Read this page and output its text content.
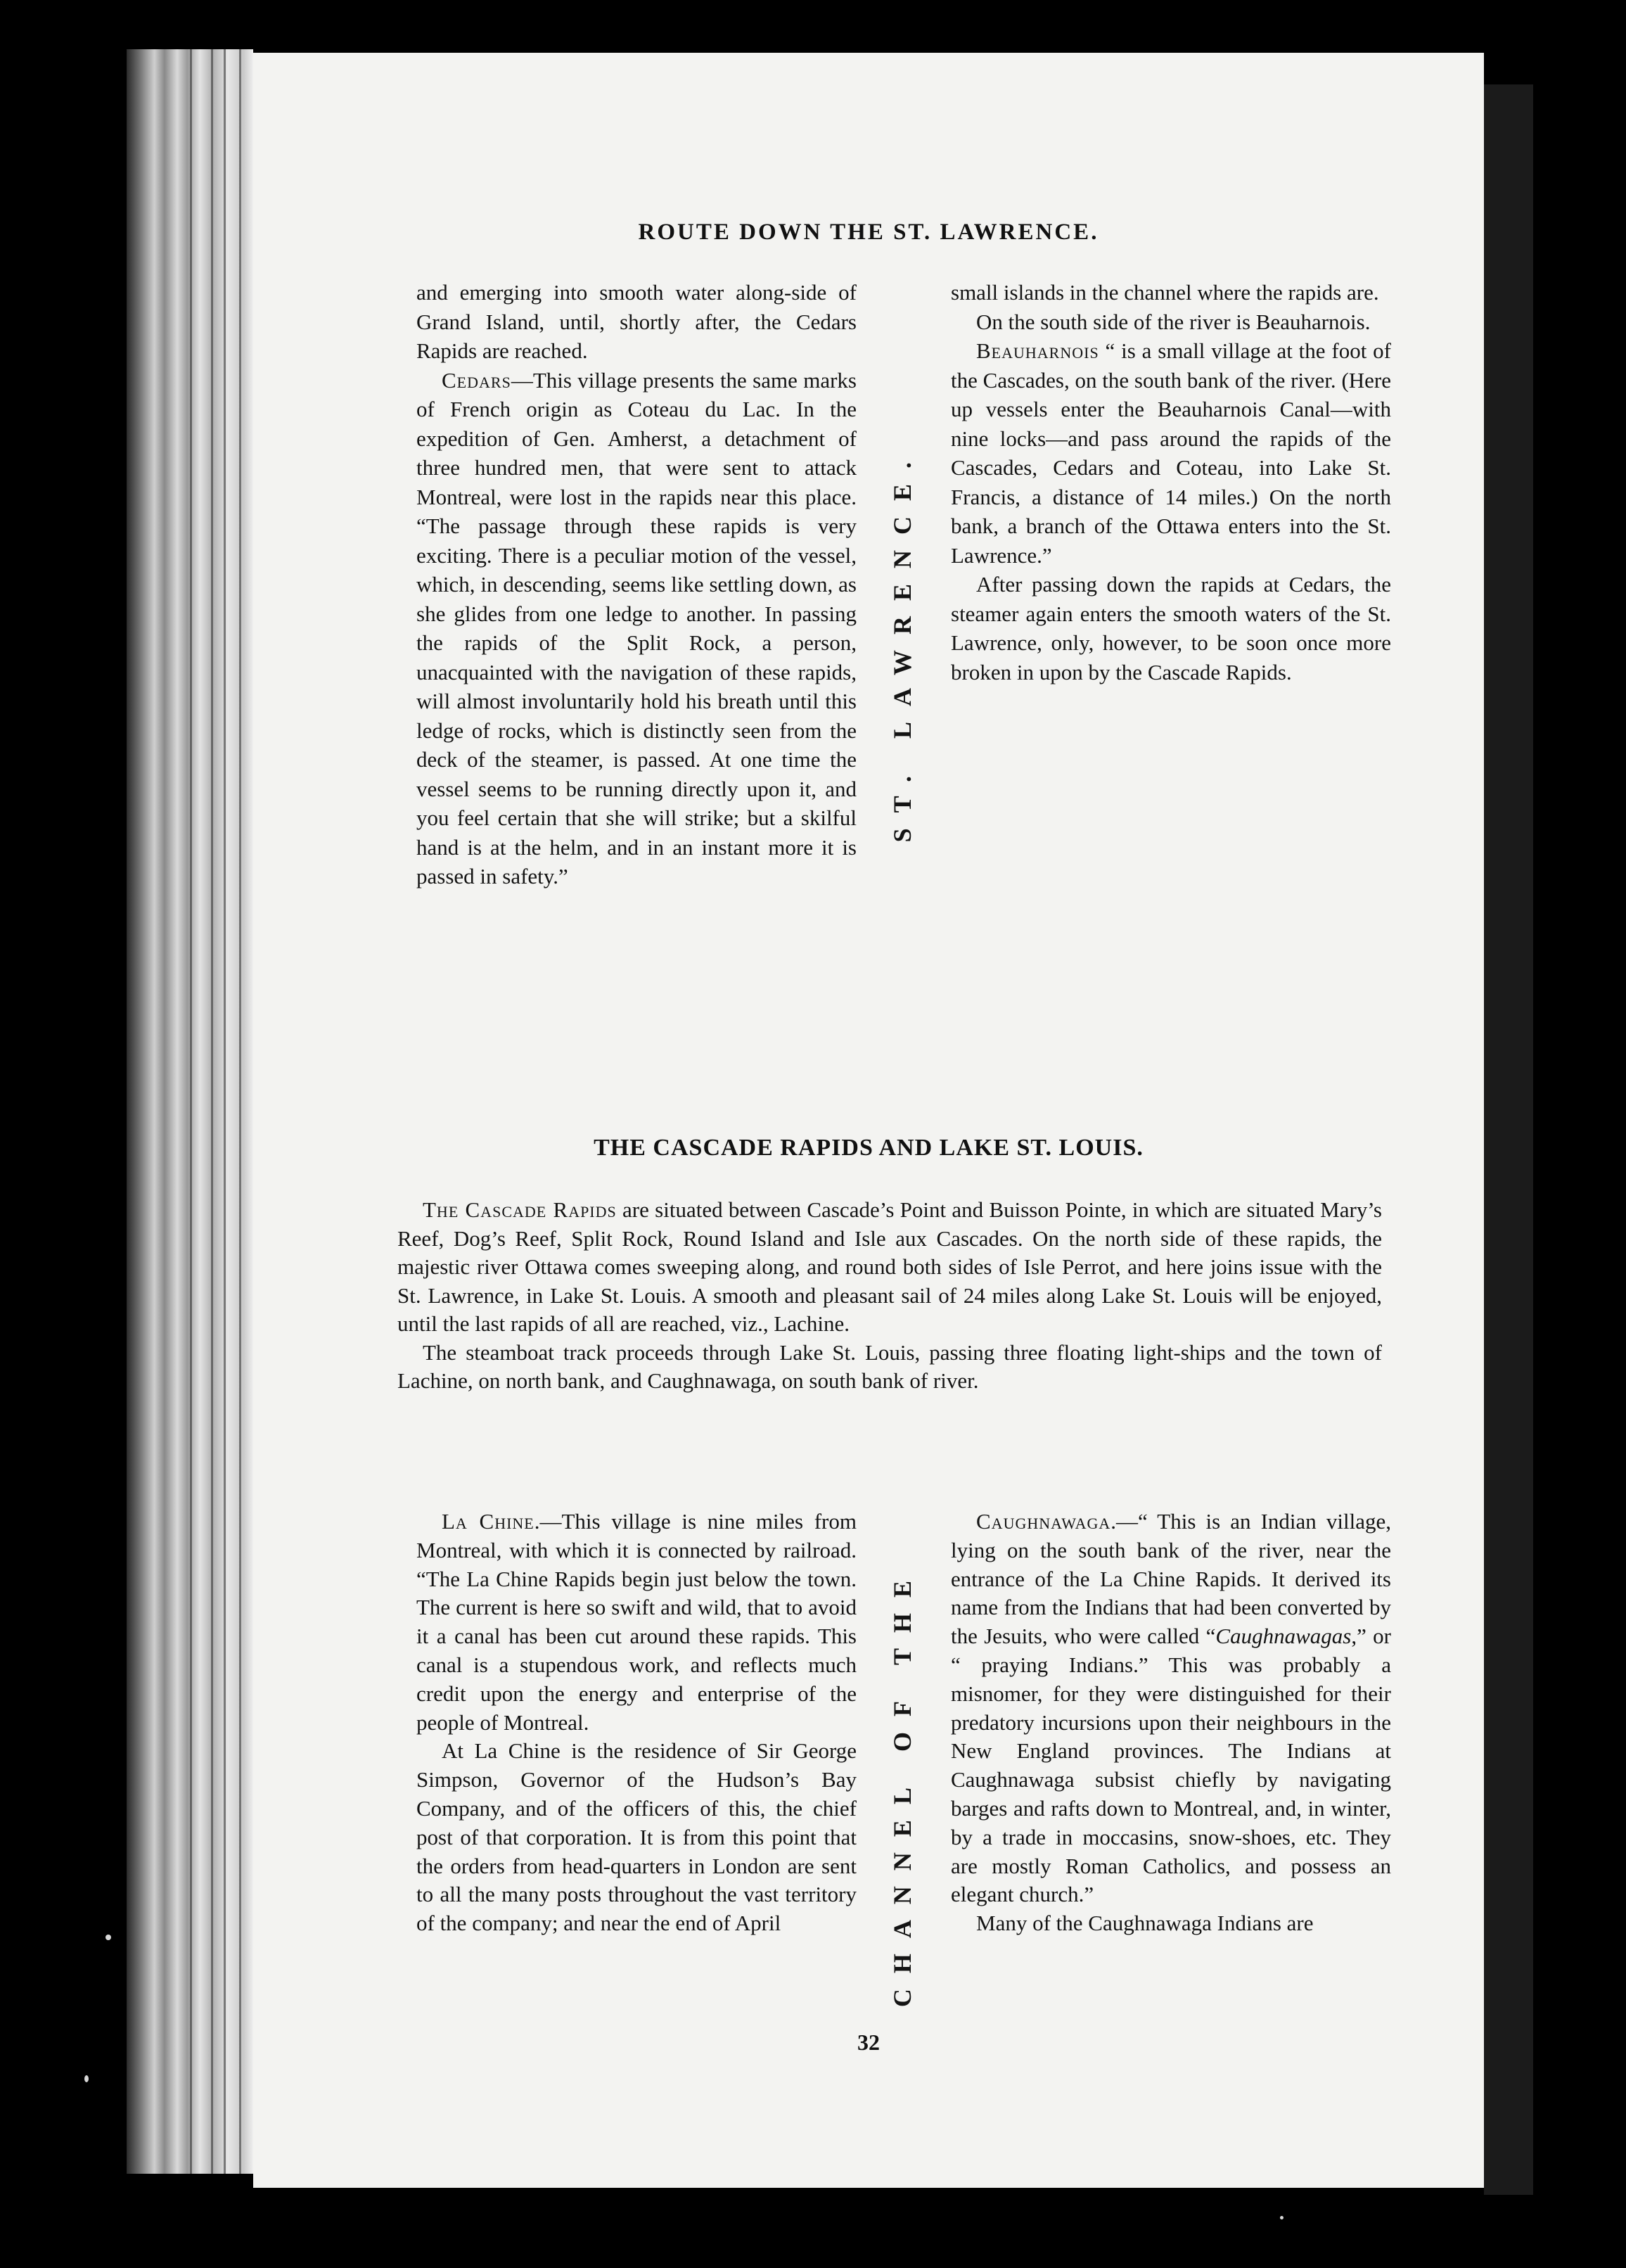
ROUTE DOWN THE ST. LAWRENCE.

and emerging into smooth water along-side of Grand Island, until, shortly after, the Cedars Rapids are reached.

Cedars—This village presents the same marks of French origin as Coteau du Lac. In the expedition of Gen. Amherst, a detachment of three hundred men, that were sent to attack Montreal, were lost in the rapids near this place. “The passage through these rapids is very exciting. There is a peculiar motion of the vessel, which, in descending, seems like settling down, as she glides from one ledge to another. In passing the rapids of the Split Rock, a person, unacquainted with the navigation of these rapids, will almost involuntarily hold his breath until this ledge of rocks, which is distinctly seen from the deck of the steamer, is passed. At one time the vessel seems to be running directly upon it, and you feel certain that she will strike; but a skilful hand is at the helm, and in an instant more it is passed in safety.”

ST. LAWRENCE.

small islands in the channel where the rapids are.

On the south side of the river is Beauharnois.

Beauharnois “ is a small village at the foot of the Cascades, on the south bank of the river. (Here up vessels enter the Beauharnois Canal—with nine locks—and pass around the rapids of the Cascades, Cedars and Coteau, into Lake St. Francis, a distance of 14 miles.) On the north bank, a branch of the Ottawa enters into the St. Lawrence.”

After passing down the rapids at Cedars, the steamer again enters the smooth waters of the St. Lawrence, only, however, to be soon once more broken in upon by the Cascade Rapids.

THE CASCADE RAPIDS AND LAKE ST. LOUIS.

The Cascade Rapids are situated between Cascade’s Point and Buisson Pointe, in which are situated Mary’s Reef, Dog’s Reef, Split Rock, Round Island and Isle aux Cascades. On the north side of these rapids, the majestic river Ottawa comes sweeping along, and round both sides of Isle Perrot, and here joins issue with the St. Lawrence, in Lake St. Louis. A smooth and pleasant sail of 24 miles along Lake St. Louis will be enjoyed, until the last rapids of all are reached, viz., Lachine.

The steamboat track proceeds through Lake St. Louis, passing three floating light-ships and the town of Lachine, on north bank, and Caughnawaga, on south bank of river.

La Chine.—This village is nine miles from Montreal, with which it is connected by railroad. “The La Chine Rapids begin just below the town. The current is here so swift and wild, that to avoid it a canal has been cut around these rapids. This canal is a stupendous work, and reflects much credit upon the energy and enterprise of the people of Montreal.

At La Chine is the residence of Sir George Simpson, Governor of the Hudson’s Bay Company, and of the officers of this, the chief post of that corporation. It is from this point that the orders from head-quarters in London are sent to all the many posts throughout the vast territory of the company; and near the end of April	CHANNEL OF THE

Caughnawaga.—“ This is an Indian village, lying on the south bank of the river, near the entrance of the La Chine Rapids. It derived its name from the Indians that had been converted by the Jesuits, who were called “Caughnawagas,” or “ praying Indians.” This was probably a misnomer, for they were distinguished for their predatory incursions upon their neighbours in the New England provinces. The Indians at Caughnawaga subsist chiefly by navigating barges and rafts down to Montreal, and, in winter, by a trade in moccasins, snow-shoes, etc. They are mostly Roman Catholics, and possess an elegant church.”

Many of the Caughnawaga Indians are

32
